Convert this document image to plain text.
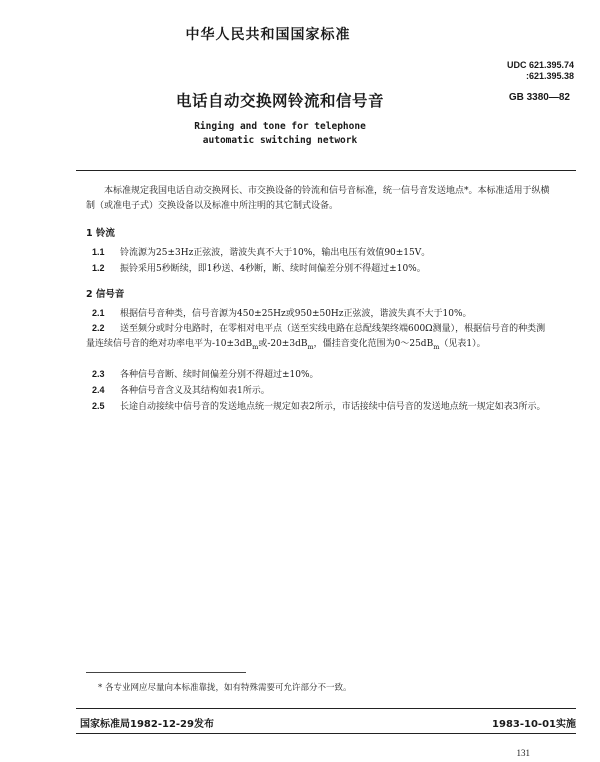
中华人民共和国国家标准
UDC 621.395.74
:621.395.38
电话自动交换网铃流和信号音	GB 3380—82
Ringing and tone for telephone
automatic switching network
本标准规定我国电话自动交换网长、市交换设备的铃流和信号音标准，统一信号音发送地点*。本标准适用于纵横制（或准电子式）交换设备以及标准中所注明的其它制式设备。
1 铃流
1.1 铃流源为25±3Hz正弦波，谐波失真不大于10%，输出电压有效值90±15V。
1.2 振铃采用5秒断续，即1秒送、4秒断，断、续时间偏差分别不得超过±10%。
2 信号音
2.1 根据信号音种类，信号音源为450±25Hz或950±50Hz正弦波，谐波失真不大于10%。
2.2 送至频分或时分电路时，在零相对电平点（送至实线电路在总配线架终端600Ω测量），根据信号音的种类测量连续信号音的绝对功率电平为$-10\pm 3dB_m$或$-20\pm 3dB_m$，僵挂音变化范围为$0\sim 25dB_m$（见表1）。
2.3 各种信号音断、续时间偏差分别不得超过±10%。
2.4 各种信号音含义及其结构如表1所示。
2.5 长途自动接续中信号音的发送地点统一规定如表2所示，市话接续中信号音的发送地点统一规定如表3所示。
* 各专业网应尽量向本标准靠拢，如有特殊需要可允许部分不一致。
国家标准局1982-12-29发布	1983-10-01实施
131
